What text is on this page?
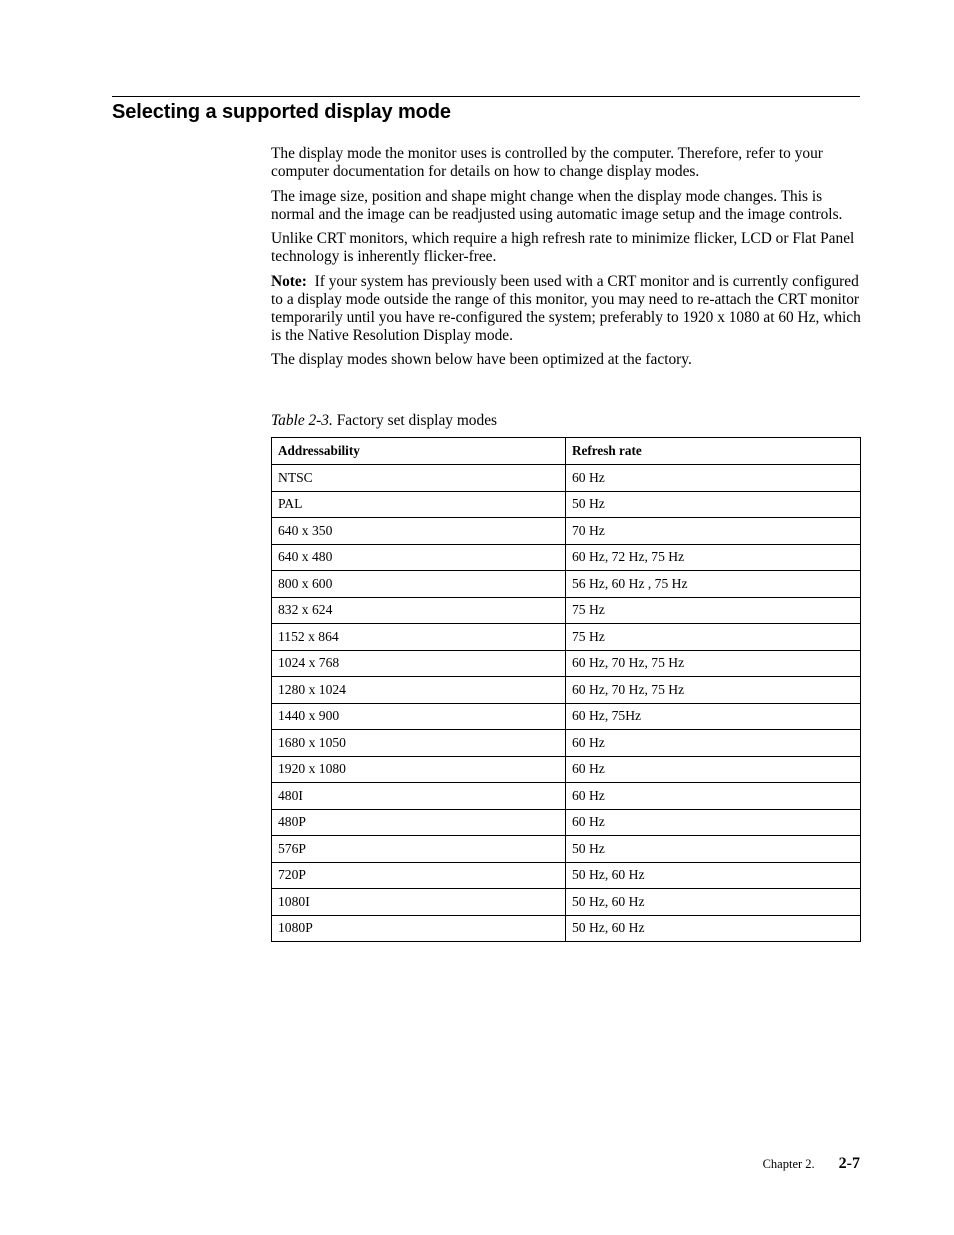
Selecting a supported display mode

The display mode the monitor uses is controlled by the computer. Therefore, refer to your computer documentation for details on how to change display modes.

The image size, position and shape might change when the display mode changes. This is normal and the image can be readjusted using automatic image setup and the image controls.

Unlike CRT monitors, which require a high refresh rate to minimize flicker, LCD or Flat Panel technology is inherently flicker-free.

Note: If your system has previously been used with a CRT monitor and is currently configured to a display mode outside the range of this monitor, you may need to re-attach the CRT monitor temporarily until you have re-configured the system; preferably to 1920 x 1080 at 60 Hz, which is the Native Resolution Display mode.

The display modes shown below have been optimized at the factory.

Table 2-3. Factory set display modes
Addressability	Refresh rate
NTSC	60 Hz
PAL	50 Hz
640 x 350	70 Hz
640 x 480	60 Hz, 72 Hz, 75 Hz
800 x 600	56 Hz, 60 Hz , 75 Hz
832 x 624	75 Hz
1152 x 864	75 Hz
1024 x 768	60 Hz, 70 Hz, 75 Hz
1280 x 1024	60 Hz, 70 Hz, 75 Hz
1440 x 900	60 Hz, 75Hz
1680 x 1050	60 Hz
1920 x 1080	60 Hz
480I	60 Hz
480P	60 Hz
576P	50 Hz
720P	50 Hz, 60 Hz
1080I	50 Hz, 60 Hz
1080P	50 Hz, 60 Hz
Chapter 2. 2-7
